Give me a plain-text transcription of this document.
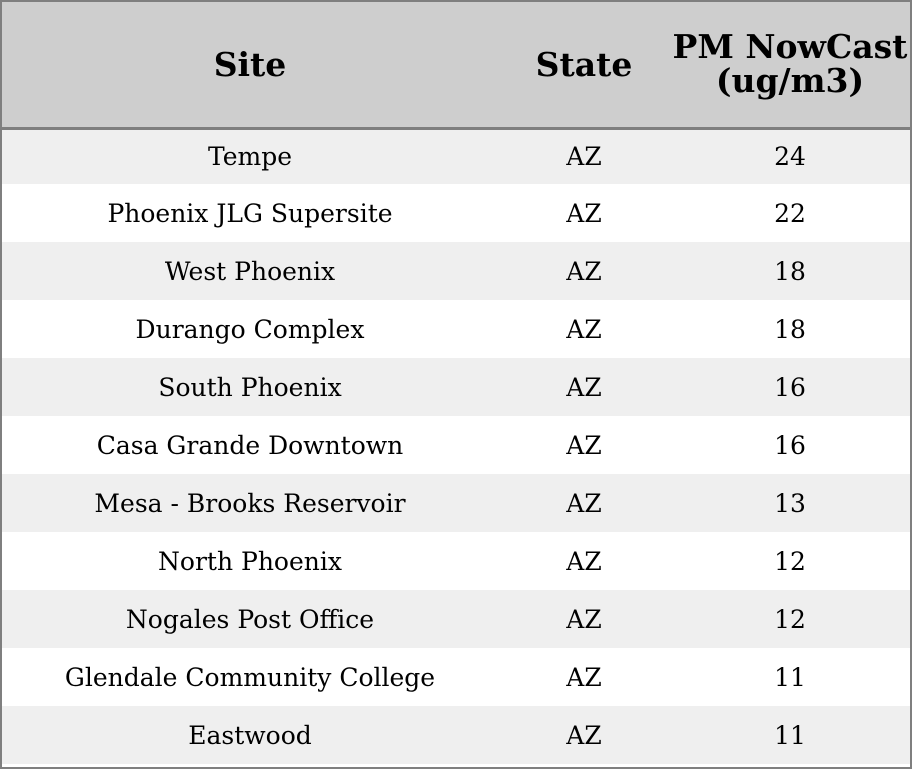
Site	State	PM NowCast (ug/m3)
Tempe	AZ	24
Phoenix JLG Supersite	AZ	22
West Phoenix	AZ	18
Durango Complex	AZ	18
South Phoenix	AZ	16
Casa Grande Downtown	AZ	16
Mesa - Brooks Reservoir	AZ	13
North Phoenix	AZ	12
Nogales Post Office	AZ	12
Glendale Community College	AZ	11
Eastwood	AZ	11
